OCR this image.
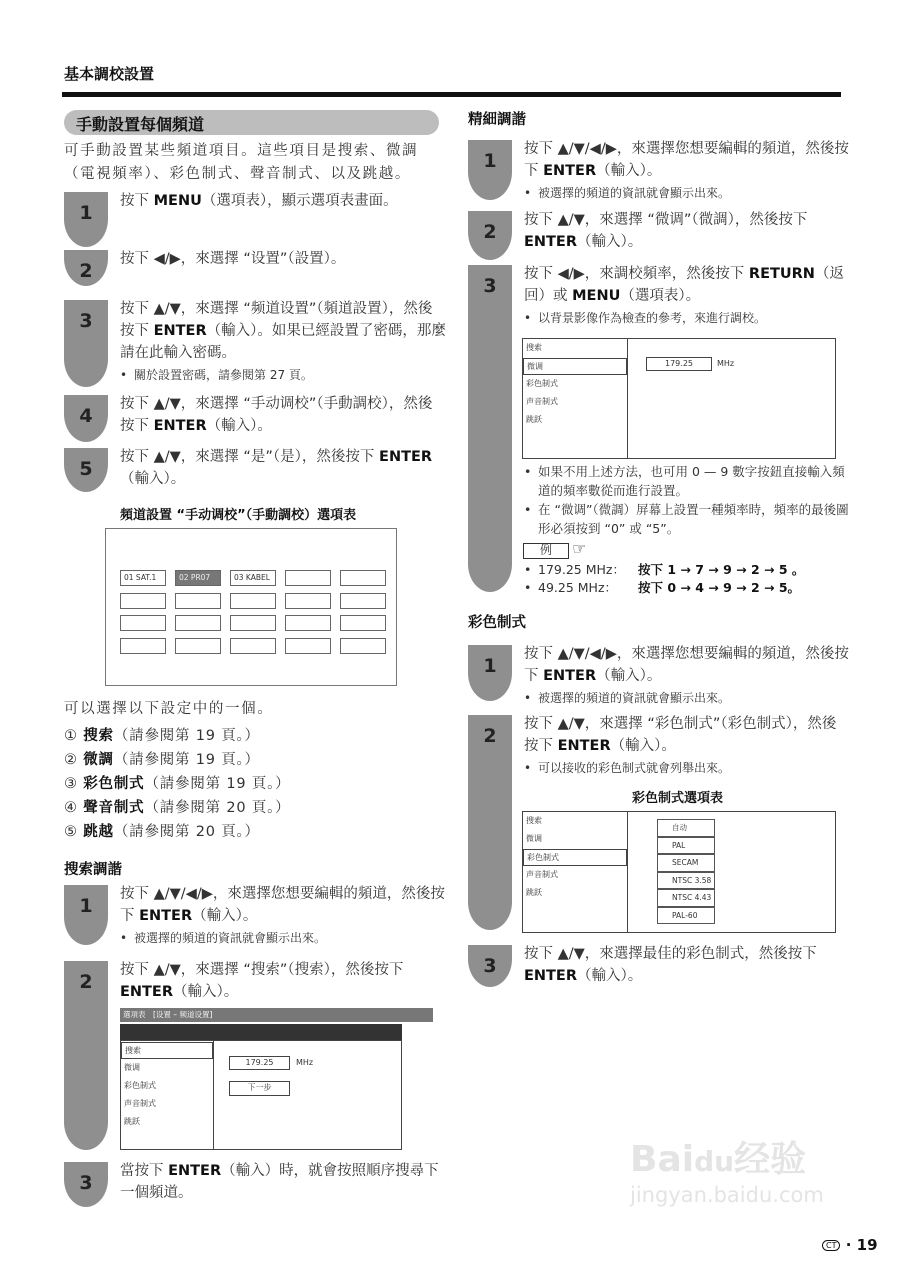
基本調校設置
手動設置每個頻道
可手動設置某些頻道項目。這些項目是搜索、微調（電視頻率）、彩色制式、聲音制式、以及跳越。
1
按下 MENU（選項表），顯示選項表畫面。
2
按下 ◀/▶，來選擇 “设置”（設置）。
3
按下 ▲/▼，來選擇 “频道设置”（頻道設置），然後按下 ENTER（輸入）。如果已經設置了密碼，那麼請在此輸入密碼。
• 關於設置密碼，請參閱第 27 頁。
4
按下 ▲/▼，來選擇 “手动调校”（手動調校），然後按下 ENTER（輸入）。
5
按下 ▲/▼，來選擇 “是”（是），然後按下 ENTER（輸入）。
頻道設置 “手动调校”（手動調校）選項表
01 SAT.1	02 PR07	03 KABEL
可以選擇以下設定中的一個。
① 搜索（請參閱第 19 頁。）
② 微調（請參閱第 19 頁。）
③ 彩色制式（請參閱第 19 頁。）
④ 聲音制式（請參閱第 20 頁。）
⑤ 跳越（請參閱第 20 頁。）
搜索調諧
1
按下 ▲/▼/◀/▶，來選擇您想要編輯的頻道，然後按下 ENTER（輸入）。
• 被選擇的頻道的資訊就會顯示出來。
2
按下 ▲/▼，來選擇 “搜索”（搜索），然後按下 ENTER（輸入）。
3
當按下 ENTER（輸入）時，就會按照順序搜尋下一個頻道。
選項表　[设置 – 频道设置]
搜索
微调
彩色制式
声音制式
跳跃
179.25	MHz
下一步
精細調諧
1
按下 ▲/▼/◀/▶，來選擇您想要編輯的頻道，然後按下 ENTER（輸入）。
• 被選擇的頻道的資訊就會顯示出來。
2
按下 ▲/▼，來選擇 “微调”（微調），然後按下 ENTER（輸入）。
3
按下 ◀/▶，來調校頻率，然後按下 RETURN（返回）或 MENU（選項表）。
• 以背景影像作為檢查的參考，來進行調校。
搜索
微调
彩色制式
声音制式
跳跃
179.25	MHz
• 如果不用上述方法，也可用 0 — 9 數字按鈕直接輸入頻道的頻率數從而進行設置。
• 在 “微调”（微調）屏幕上設置一種頻率時，頻率的最後圖形必須按到 “0” 或 “5”。
例	☞
• 179.25 MHz： 按下 1 → 7 → 9 → 2 → 5 。
• 49.25 MHz： 按下 0 → 4 → 9 → 2 → 5。
彩色制式
1
按下 ▲/▼/◀/▶，來選擇您想要編輯的頻道，然後按下 ENTER（輸入）。
• 被選擇的頻道的資訊就會顯示出來。
2
按下 ▲/▼，來選擇 “彩色制式”（彩色制式），然後按下 ENTER（輸入）。
• 可以接收的彩色制式就會列舉出來。
3
按下 ▲/▼，來選擇最佳的彩色制式，然後按下 ENTER（輸入）。
彩色制式選項表
搜索
微调
彩色制式
声音制式
跳跃
自动
PAL
SECAM
NTSC 3.58
NTSC 4.43
PAL-60
Baidu经验
jingyan.baidu.com
CT · 19
